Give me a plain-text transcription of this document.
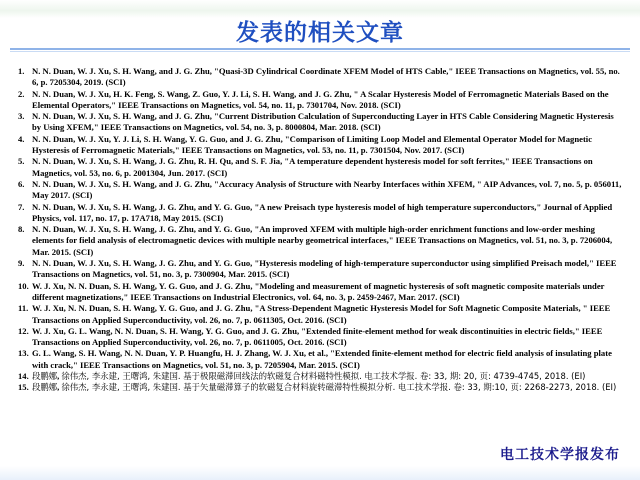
发表的相关文章
1. N. N. Duan, W. J. Xu, S. H. Wang, and J. G. Zhu, "Quasi-3D Cylindrical Coordinate XFEM Model of HTS Cable," IEEE Transactions on Magnetics, vol. 55, no. 6, p. 7205304, 2019. (SCI)
2. N. N. Duan, W. J. Xu, H. K. Feng, S. Wang, Z. Guo, Y. J. Li, S. H. Wang, and J. G. Zhu, " A Scalar Hysteresis Model of Ferromagnetic Materials Based on the Elemental Operators," IEEE Transactions on Magnetics, vol. 54, no. 11, p. 7301704, Nov. 2018. (SCI)
3. N. N. Duan, W. J. Xu, S. H. Wang, and J. G. Zhu, "Current Distribution Calculation of Superconducting Layer in HTS Cable Considering Magnetic Hysteresis by Using XFEM," IEEE Transactions on Magnetics, vol. 54, no. 3, p. 8000804, Mar. 2018. (SCI)
4. N. N. Duan, W. J. Xu, Y. J. Li, S. H. Wang, Y. G. Guo, and J. G. Zhu, "Comparison of Limiting Loop Model and Elemental Operator Model for Magnetic Hysteresis of Ferromagnetic Materials," IEEE Transactions on Magnetics, vol. 53, no. 11, p. 7301504, Nov. 2017. (SCI)
5. N. N. Duan, W. J. Xu, S. H. Wang, J. G. Zhu, R. H. Qu, and S. F. Jia, "A temperature dependent hysteresis model for soft ferrites," IEEE Transactions on Magnetics, vol. 53, no. 6, p. 2001304, Jun. 2017. (SCI)
6. N. N. Duan, W. J. Xu, S. H. Wang, and J. G. Zhu, "Accuracy Analysis of Structure with Nearby Interfaces within XFEM, " AIP Advances, vol. 7, no. 5, p. 056011, May 2017. (SCI)
7. N. N. Duan, W. J. Xu, S. H. Wang, J. G. Zhu, and Y. G. Guo, "A new Preisach type hysteresis model of high temperature superconductors," Journal of Applied Physics, vol. 117, no. 17, p. 17A718, May 2015. (SCI)
8. N. N. Duan, W. J. Xu, S. H. Wang, J. G. Zhu, and Y. G. Guo, "An improved XFEM with multiple high-order enrichment functions and low-order meshing elements for field analysis of electromagnetic devices with multiple nearby geometrical interfaces," IEEE Transactions on Magnetics, vol. 51, no. 3, p. 7206004, Mar. 2015. (SCI)
9. N. N. Duan, W. J. Xu, S. H. Wang, J. G. Zhu, and Y. G. Guo, "Hysteresis modeling of high-temperature superconductor using simplified Preisach model," IEEE Transactions on Magnetics, vol. 51, no. 3, p. 7300904, Mar. 2015. (SCI)
10. W. J. Xu, N. N. Duan, S. H. Wang, Y. G. Guo, and J. G. Zhu, "Modeling and measurement of magnetic hysteresis of soft magnetic composite materials under different magnetizations," IEEE Transactions on Industrial Electronics, vol. 64, no. 3, p. 2459-2467, Mar. 2017. (SCI)
11. W. J. Xu, N. N. Duan, S. H. Wang, Y. G. Guo, and J. G. Zhu, "A Stress-Dependent Magnetic Hysteresis Model for Soft Magnetic Composite Materials, " IEEE Transactions on Applied Superconductivity, vol. 26, no. 7, p. 0611305, Oct. 2016. (SCI)
12. W. J. Xu, G. L. Wang, N. N. Duan, S. H. Wang, Y. G. Guo, and J. G. Zhu, "Extended finite-element method for weak discontinuities in electric fields," IEEE Transactions on Applied Superconductivity, vol. 26, no. 7, p. 0611005, Oct. 2016. (SCI)
13. G. L. Wang, S. H. Wang, N. N. Duan, Y. P. Huangfu, H. J. Zhang, W. J. Xu, et al., "Extended finite-element method for electric field analysis of insulating plate with crack," IEEE Transactions on Magnetics, vol. 51, no. 3, p. 7205904, Mar. 2015. (SCI)
14. 段鹏娜, 徐伟杰, 李永建, 王曙鸿, 朱建国. 基于极限磁滞回线法的软磁复合材料磁特性模拟. 电工技术学报. 卷: 33, 期: 20, 页: 4739-4745, 2018. (EI)
15. 段鹏娜, 徐伟杰, 李永建, 王曙鸿, 朱建国. 基于矢量磁滞算子的软磁复合材料旋转磁滞特性模拟分析. 电工技术学报. 卷: 33, 期:10, 页: 2268-2273, 2018. (EI)
电工技术学报发布
